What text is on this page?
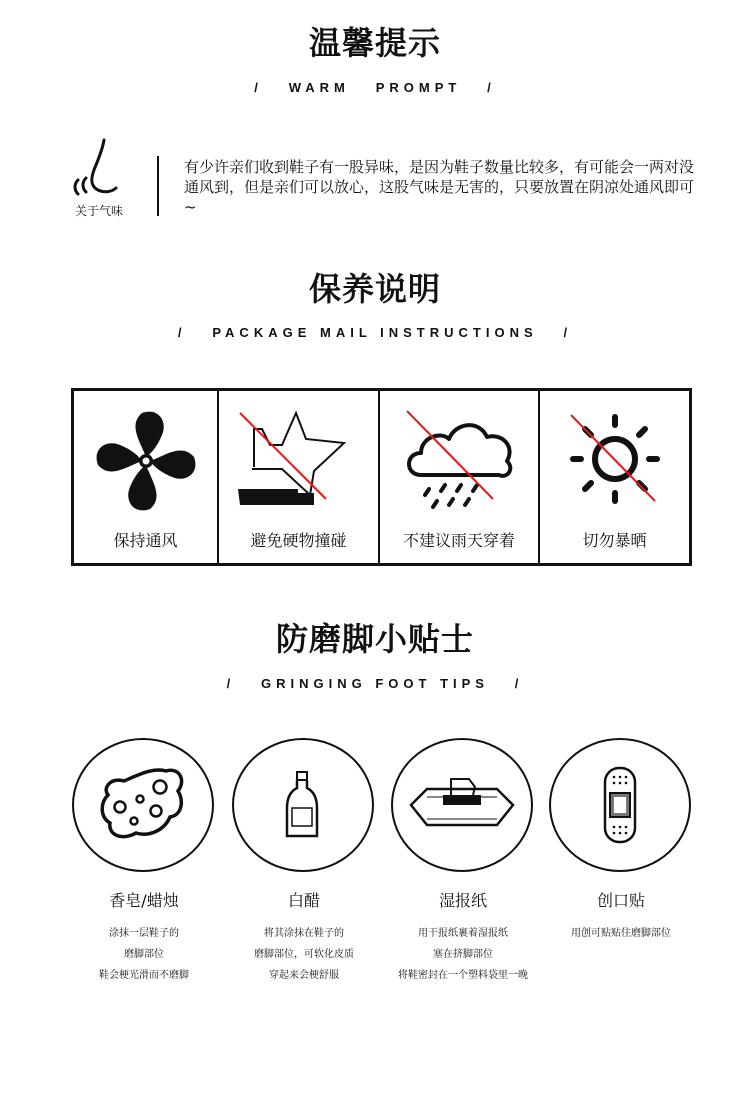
温馨提示
/   WARM   PROMPT   /
关于气味
有少许亲们收到鞋子有一股异味，是因为鞋子数量比较多，有可能会一两对没通风到，但是亲们可以放心，这股气味是无害的，只要放置在阴凉处通风即可~
保养说明
/   PACKAGE MAIL INSTRUCTIONS   /
保持通风	避免硬物撞碰	不建议雨天穿着	切勿暴晒
防磨脚小贴士
/   GRINGING FOOT TIPS   /
香皂/蜡烛
涂抹一层鞋子的
磨脚部位
鞋会梗光滑而不磨脚
白醋
将其涂抹在鞋子的
磨脚部位，可软化皮质
穿起来会梗舒服
湿报纸
用干报纸裹着湿报纸
塞在挤脚部位
将鞋密封在一个塑料袋里一晚
创口贴
用创可贴贴住磨脚部位
